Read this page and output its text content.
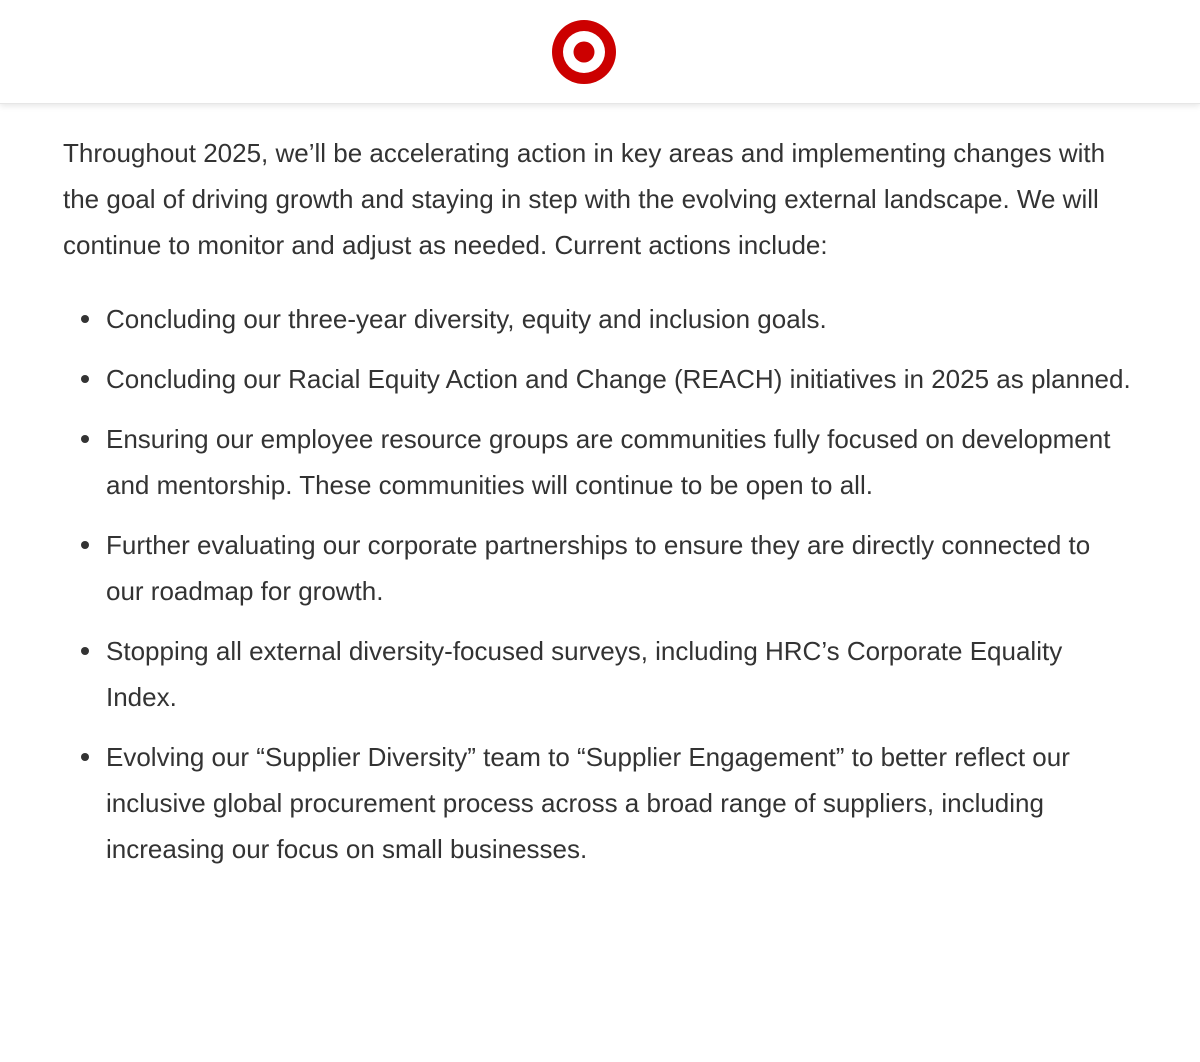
Throughout 2025, we’ll be accelerating action in key areas and implementing changes with the goal of driving growth and staying in step with the evolving external landscape. We will continue to monitor and adjust as needed. Current actions include:

Concluding our three-year diversity, equity and inclusion goals.
Concluding our Racial Equity Action and Change (REACH) initiatives in 2025 as planned.
Ensuring our employee resource groups are communities fully focused on development and mentorship. These communities will continue to be open to all.
Further evaluating our corporate partnerships to ensure they are directly connected to our roadmap for growth.
Stopping all external diversity-focused surveys, including HRC’s Corporate Equality Index.
Evolving our “Supplier Diversity” team to “Supplier Engagement” to better reflect our inclusive global procurement process across a broad range of suppliers, including increasing our focus on small businesses.
